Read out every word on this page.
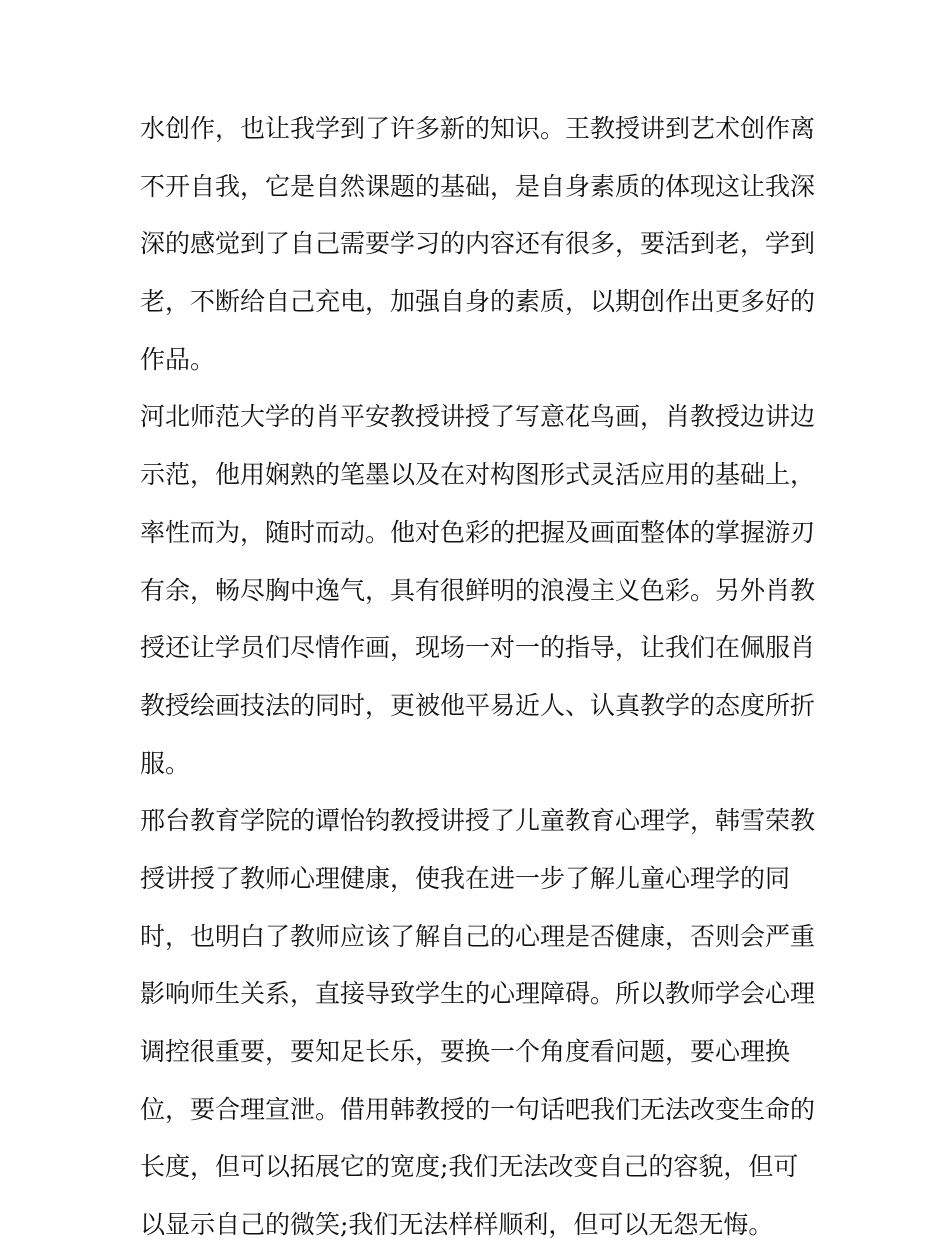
水创作，也让我学到了许多新的知识。王教授讲到艺术创作离
不开自我，它是自然课题的基础，是自身素质的体现这让我深
深的感觉到了自己需要学习的内容还有很多，要活到老，学到
老，不断给自己充电，加强自身的素质，以期创作出更多好的
作品。
河北师范大学的肖平安教授讲授了写意花鸟画，肖教授边讲边
示范，他用娴熟的笔墨以及在对构图形式灵活应用的基础上，
率性而为，随时而动。他对色彩的把握及画面整体的掌握游刃
有余，畅尽胸中逸气，具有很鲜明的浪漫主义色彩。另外肖教
授还让学员们尽情作画，现场一对一的指导，让我们在佩服肖
教授绘画技法的同时，更被他平易近人、认真教学的态度所折
服。
邢台教育学院的谭怡钧教授讲授了儿童教育心理学，韩雪荣教
授讲授了教师心理健康，使我在进一步了解儿童心理学的同
时，也明白了教师应该了解自己的心理是否健康，否则会严重
影响师生关系，直接导致学生的心理障碍。所以教师学会心理
调控很重要，要知足长乐，要换一个角度看问题，要心理换
位，要合理宣泄。借用韩教授的一句话吧我们无法改变生命的
长度，但可以拓展它的宽度;我们无法改变自己的容貌，但可
以显示自己的微笑;我们无法样样顺利，但可以无怨无悔。
